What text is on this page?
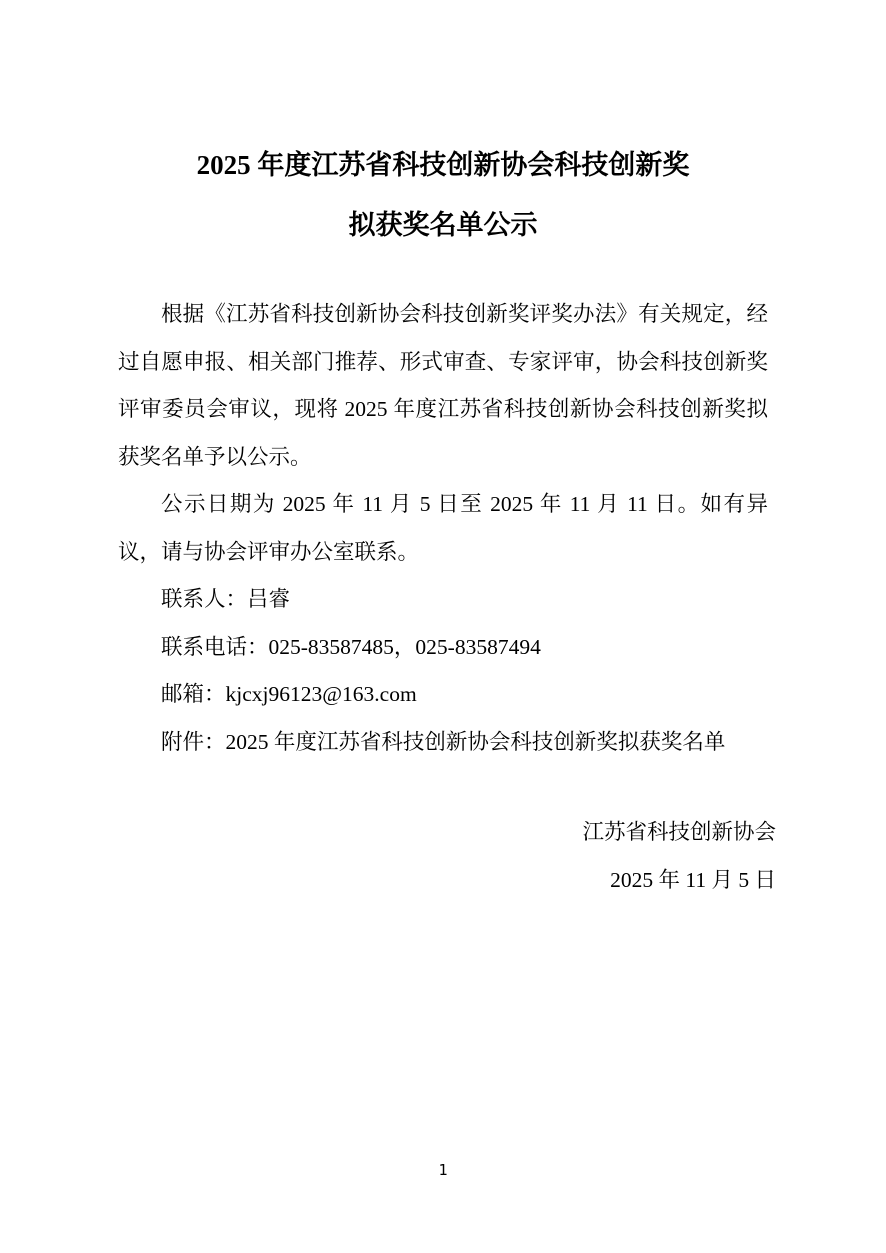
2025 年度江苏省科技创新协会科技创新奖
拟获奖名单公示

根据《江苏省科技创新协会科技创新奖评奖办法》有关规定，经过自愿申报、相关部门推荐、形式审查、专家评审，协会科技创新奖评审委员会审议，现将 2025 年度江苏省科技创新协会科技创新奖拟获奖名单予以公示。

公示日期为 2025 年 11 月 5 日至 2025 年 11 月 11 日。如有异议，请与协会评审办公室联系。

联系人：吕睿

联系电话：025-83587485，025-83587494

邮箱：kjcxj96123@163.com

附件：2025 年度江苏省科技创新协会科技创新奖拟获奖名单

江苏省科技创新协会
2025 年 11 月 5 日
1
